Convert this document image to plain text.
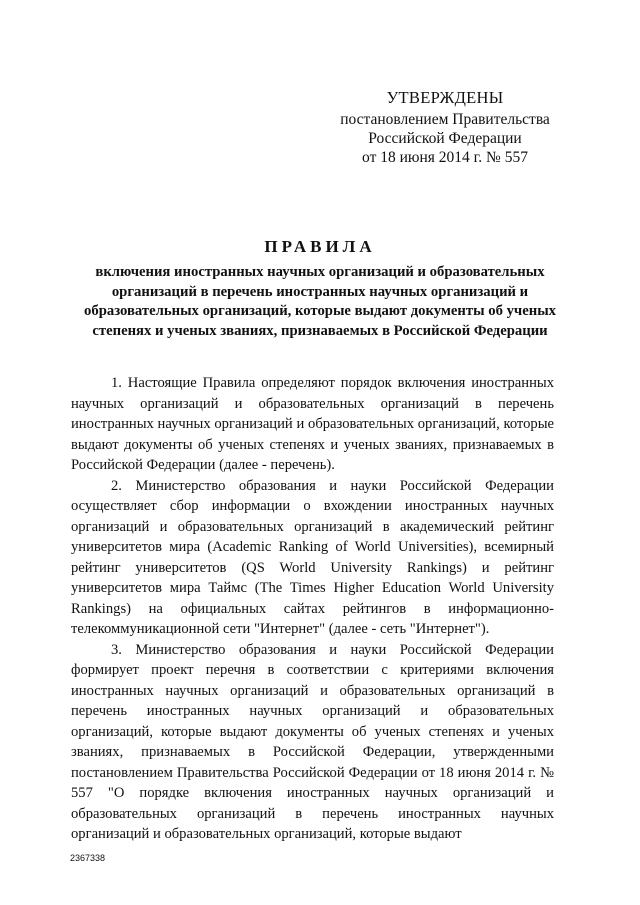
УТВЕРЖДЕНЫ
постановлением Правительства
Российской Федерации
от 18 июня 2014 г. № 557
ПРАВИЛА
включения иностранных научных организаций и образовательных организаций в перечень иностранных научных организаций и образовательных организаций, которые выдают документы об ученых степенях и ученых званиях, признаваемых в Российской Федерации

1. Настоящие Правила определяют порядок включения иностранных научных организаций и образовательных организаций в перечень иностранных научных организаций и образовательных организаций, которые выдают документы об ученых степенях и ученых званиях, признаваемых в Российской Федерации (далее - перечень).

2. Министерство образования и науки Российской Федерации осуществляет сбор информации о вхождении иностранных научных организаций и образовательных организаций в академический рейтинг университетов мира (Academic Ranking of World Universities), всемирный рейтинг университетов (QS World University Rankings) и рейтинг университетов мира Таймс (The Times Higher Education World University Rankings) на официальных сайтах рейтингов в информационно-телекоммуникационной сети "Интернет" (далее - сеть "Интернет").

3. Министерство образования и науки Российской Федерации формирует проект перечня в соответствии с критериями включения иностранных научных организаций и образовательных организаций в перечень иностранных научных организаций и образовательных организаций, которые выдают документы об ученых степенях и ученых званиях, признаваемых в Российской Федерации, утвержденными постановлением Правительства Российской Федерации от 18 июня 2014 г. № 557 "О порядке включения иностранных научных организаций и образовательных организаций в перечень иностранных научных организаций и образовательных организаций, которые выдают

2367338
